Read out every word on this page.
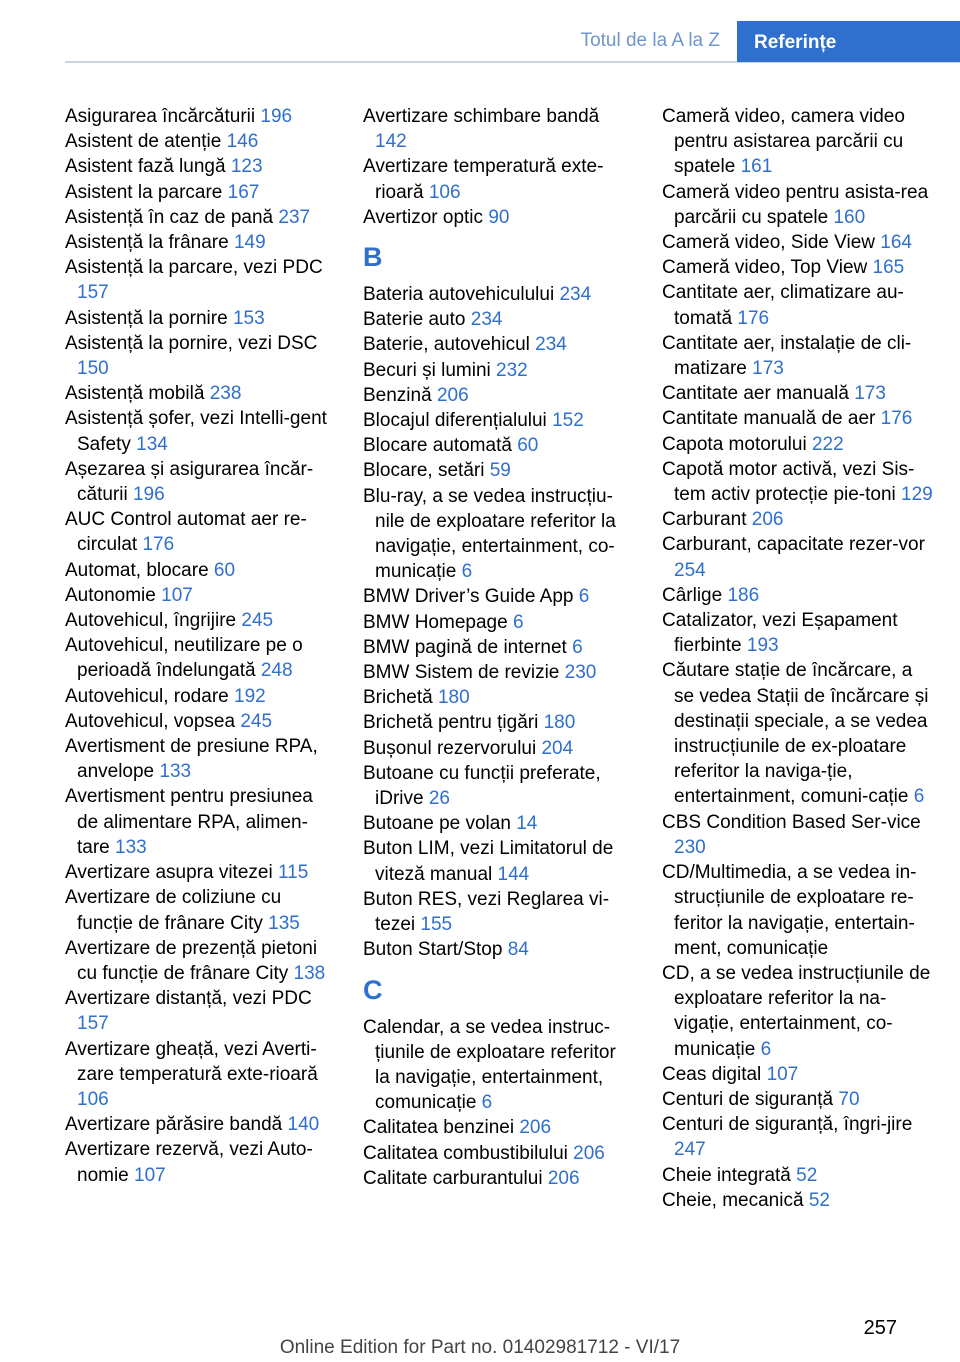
Totul de la A la Z	Referințe
Asigurarea încărcăturii 196
Asistent de atenție 146
Asistent fază lungă 123
Asistent la parcare 167
Asistență în caz de pană 237
Asistență la frânare 149
Asistență la parcare, vezi PDC 157
Asistență la pornire 153
Asistență la pornire, vezi DSC 150
Asistență mobilă 238
Asistență șofer, vezi Intelli‐gent Safety 134
Așezarea și asigurarea încăr‐căturii 196
AUC Control automat aer re‐circulat 176
Automat, blocare 60
Autonomie 107
Autovehicul, îngrijire 245
Autovehicul, neutilizare pe o perioadă îndelungată 248
Autovehicul, rodare 192
Autovehicul, vopsea 245
Avertisment de presiune RPA, anvelope 133
Avertisment pentru presiunea de alimentare RPA, alimen‐tare 133
Avertizare asupra vitezei 115
Avertizare de coliziune cu funcție de frânare City 135
Avertizare de prezență pietoni cu funcție de frânare City 138
Avertizare distanță, vezi PDC 157
Avertizare gheață, vezi Averti‐zare temperatură exte‐rioară 106
Avertizare părăsire bandă 140
Avertizare rezervă, vezi Auto‐nomie 107
Avertizare schimbare bandă 142
Avertizare temperatură exte‐rioară 106
Avertizor optic 90
B
Bateria autovehiculului 234
Baterie auto 234
Baterie, autovehicul 234
Becuri și lumini 232
Benzină 206
Blocajul diferențialului 152
Blocare automată 60
Blocare, setări 59
Blu-ray, a se vedea instrucțiu‐nile de exploatare referitor la navigație, entertainment, co‐municație 6
BMW Driver’s Guide App 6
BMW Homepage 6
BMW pagină de internet 6
BMW Sistem de revizie 230
Brichetă 180
Brichetă pentru țigări 180
Bușonul rezervorului 204
Butoane cu funcții preferate, iDrive 26
Butoane pe volan 14
Buton LIM, vezi Limitatorul de viteză manual 144
Buton RES, vezi Reglarea vi‐tezei 155
Buton Start/Stop 84
C
Calendar, a se vedea instruc‐țiunile de exploatare referitor la navigație, entertainment, comunicație 6
Calitatea benzinei 206
Calitatea combustibilului 206
Calitate carburantului 206
Cameră video, camera video pentru asistarea parcării cu spatele 161
Cameră video pentru asista‐rea parcării cu spatele 160
Cameră video, Side View 164
Cameră video, Top View 165
Cantitate aer, climatizare au‐tomată 176
Cantitate aer, instalație de cli‐matizare 173
Cantitate aer manuală 173
Cantitate manuală de aer 176
Capota motorului 222
Capotă motor activă, vezi Sis‐tem activ protecție pie‐toni 129
Carburant 206
Carburant, capacitate rezer‐vor 254
Cârlige 186
Catalizator, vezi Eșapament fierbinte 193
Căutare stație de încărcare, a se vedea Stații de încărcare și destinații speciale, a se vedea instrucțiunile de ex‐ploatare referitor la naviga‐ție, entertainment, comuni‐cație 6
CBS Condition Based Ser‐vice 230
CD/Multimedia, a se vedea in‐strucțiunile de exploatare re‐feritor la navigație, entertain‐ment, comunicație
CD, a se vedea instrucțiunile de exploatare referitor la na‐vigație, entertainment, co‐municație 6
Ceas digital 107
Centuri de siguranță 70
Centuri de siguranță, îngri‐jire 247
Cheie integrată 52
Cheie, mecanică 52
257
Online Edition for Part no. 01402981712 - VI/17
